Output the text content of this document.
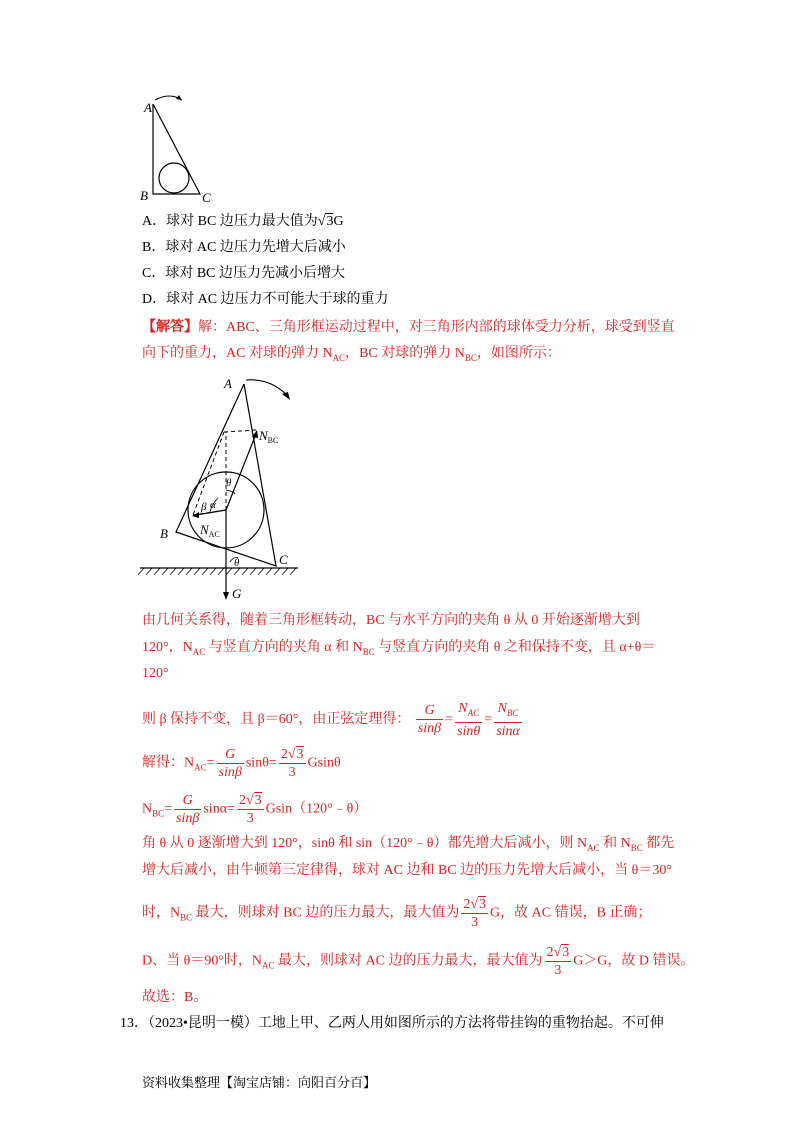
A
B	C
A．球对 BC 边压力最大值为√3G
B．球对 AC 边压力先增大后减小
C．球对 BC 边压力先减小后增大
D．球对 AC 边压力不可能大于球的重力
【解答】解：ABC、三角形框运动过程中，对三角形内部的球体受力分析，球受到竖直
向下的重力，AC 对球的弹力 $N_{AC}$，BC 对球的弹力 $N_{BC}$，如图所示：
A
B
C
G
$N_{BC}$
$N_{AC}$
θ
β α
θ
由几何关系得，随着三角形框转动，BC 与水平方向的夹角 θ 从 0 开始逐渐增大到
120°，$N_{AC}$ 与竖直方向的夹角 α 和 $N_{BC}$ 与竖直方向的夹角 θ 之和保持不变，且 α+θ＝
120°
则 β 保持不变，且 β＝60°，由正弦定理得： $\frac{G}{\sin\beta} = \frac{N_{AC}}{\sin\theta} = \frac{N_{BC}}{\sin\alpha}$
解得：$N_{AC}= \frac{G}{\sin\beta} \sin\theta= \frac{2√3}{3}$ Gsinθ
$N_{BC}= \frac{G}{\sin\beta} \sin\alpha= \frac{2√3}{3}$ Gsin（120°﹣θ）
角 θ 从 0 逐渐增大到 120°，sinθ 和 sin（120°﹣θ）都先增大后减小，则 $N_{AC}$ 和 $N_{BC}$ 都先
增大后减小，由牛顿第三定律得，球对 AC 边和 BC 边的压力先增大后减小，当 θ＝30°
时，$N_{BC}$ 最大，则球对 BC 边的压力最大，最大值为 $\frac{2√3}{3}$ G，故 AC 错误，B 正确；
D、当 θ＝90°时，$N_{AC}$ 最大，则球对 AC 边的压力最大，最大值为 $\frac{2√3}{3} G>G$，故 D 错误。
故选：B。
13．（2023•昆明一模）工地上甲、乙两人用如图所示的方法将带挂钩的重物抬起。不可伸
资料收集整理【淘宝店铺：向阳百分百】
